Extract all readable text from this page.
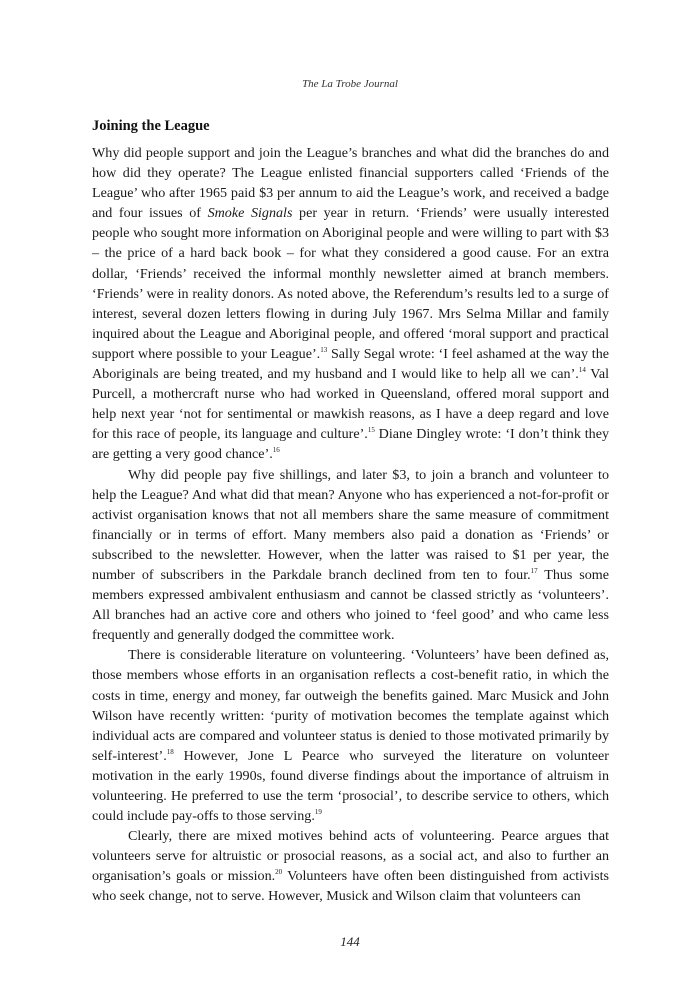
The La Trobe Journal
Joining the League

Why did people support and join the League’s branches and what did the branches do and how did they operate? The League enlisted financial supporters called ‘Friends of the League’ who after 1965 paid $3 per annum to aid the League’s work, and received a badge and four issues of Smoke Signals per year in return. ‘Friends’ were usually interested people who sought more information on Aboriginal people and were willing to part with $3 – the price of a hard back book – for what they considered a good cause. For an extra dollar, ‘Friends’ received the informal monthly newsletter aimed at branch members. ‘Friends’ were in reality donors. As noted above, the Referendum’s results led to a surge of interest, several dozen letters flowing in during July 1967. Mrs Selma Millar and family inquired about the League and Aboriginal people, and offered ‘moral support and practical support where possible to your League’.$^{13}$ Sally Segal wrote: ‘I feel ashamed at the way the Aboriginals are being treated, and my husband and I would like to help all we can’.$^{14}$ Val Purcell, a mothercraft nurse who had worked in Queensland, offered moral support and help next year ‘not for sentimental or mawkish reasons, as I have a deep regard and love for this race of people, its language and culture’.$^{15}$ Diane Dingley wrote: ‘I don’t think they are getting a very good chance’.$^{16}$

Why did people pay five shillings, and later $3, to join a branch and volunteer to help the League? And what did that mean? Anyone who has experienced a not-for-profit or activist organisation knows that not all members share the same measure of commitment financially or in terms of effort. Many members also paid a donation as ‘Friends’ or subscribed to the newsletter. However, when the latter was raised to $1 per year, the number of subscribers in the Parkdale branch declined from ten to four.$^{17}$ Thus some members expressed ambivalent enthusiasm and cannot be classed strictly as ‘volunteers’. All branches had an active core and others who joined to ‘feel good’ and who came less frequently and generally dodged the committee work.

There is considerable literature on volunteering. ‘Volunteers’ have been defined as, those members whose efforts in an organisation reflects a cost-benefit ratio, in which the costs in time, energy and money, far outweigh the benefits gained. Marc Musick and John Wilson have recently written: ‘purity of motivation becomes the template against which individual acts are compared and volunteer status is denied to those motivated primarily by self-interest’.$^{18}$ However, Jone L Pearce who surveyed the literature on volunteer motivation in the early 1990s, found diverse findings about the importance of altruism in volunteering. He preferred to use the term ‘prosocial’, to describe service to others, which could include pay-offs to those serving.$^{19}$

Clearly, there are mixed motives behind acts of volunteering. Pearce argues that volunteers serve for altruistic or prosocial reasons, as a social act, and also to further an organisation’s goals or mission.$^{20}$ Volunteers have often been distinguished from activists who seek change, not to serve. However, Musick and Wilson claim that volunteers can

144
